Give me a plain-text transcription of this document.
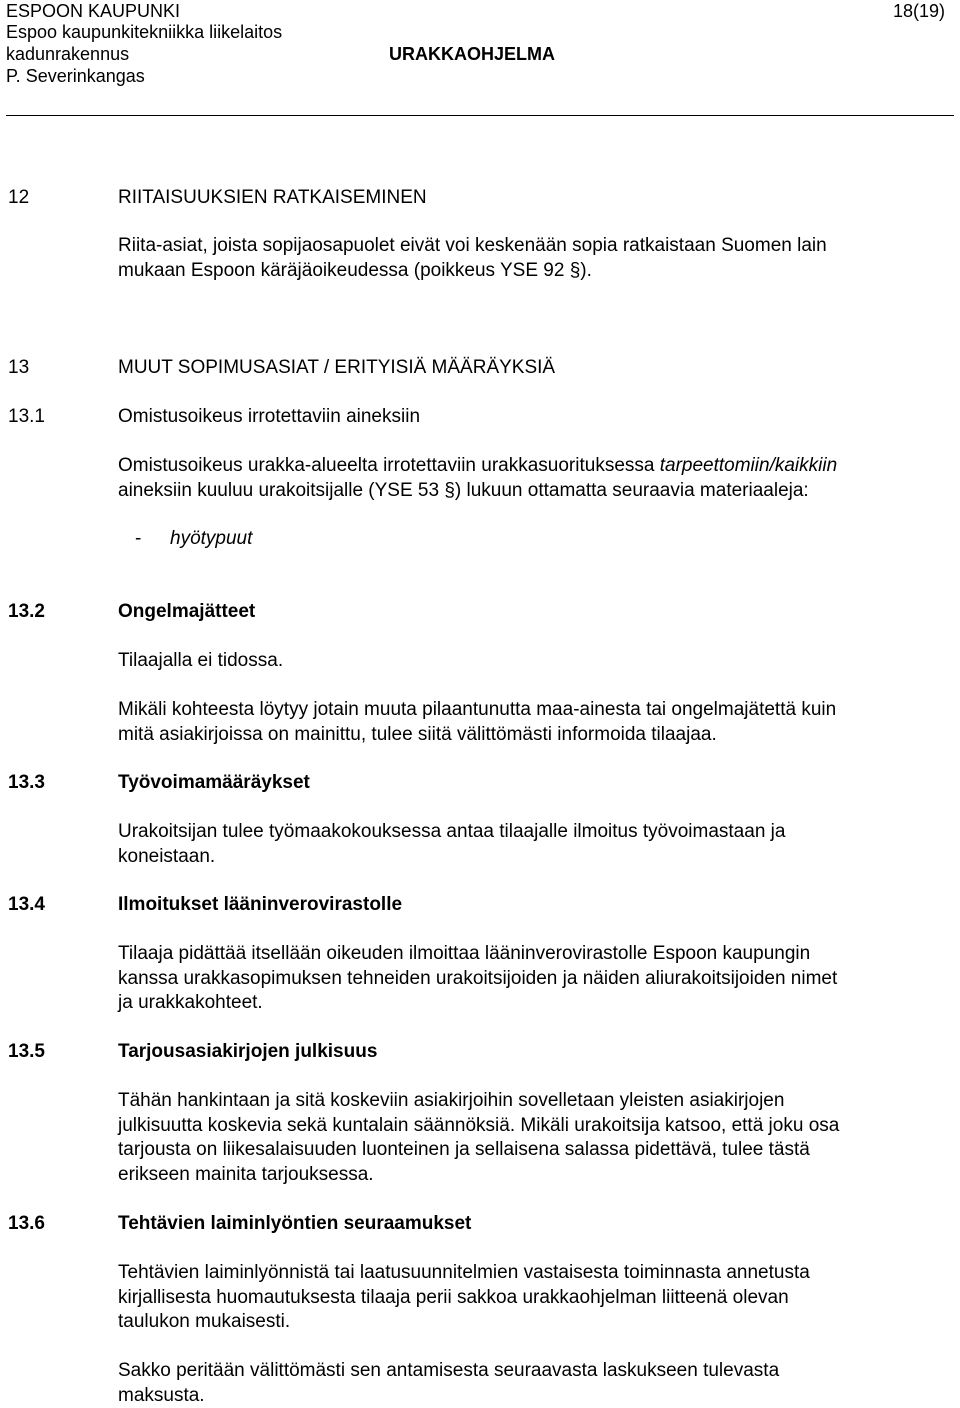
ESPOON KAUPUNKI	18(19)
Espoo kaupunkitekniikka liikelaitos
kadunrakennus	URAKKAOHJELMA
P. Severinkangas
12	RIITAISUUKSIEN RATKAISEMINEN
Riita-asiat, joista sopijaosapuolet eivät voi keskenään sopia ratkaistaan Suomen lain
mukaan Espoon käräjäoikeudessa (poikkeus YSE 92 §).
13	MUUT SOPIMUSASIAT / ERITYISIÄ MÄÄRÄYKSIÄ
13.1	Omistusoikeus irrotettaviin aineksiin
Omistusoikeus urakka-alueelta irrotettaviin urakkasuorituksessa tarpeettomiin/kaikkiin
aineksiin kuuluu urakoitsijalle (YSE 53 §) lukuun ottamatta seuraavia materiaaleja:
- hyötypuut
13.2	Ongelmajätteet
Tilaajalla ei tidossa.
Mikäli kohteesta löytyy jotain muuta pilaantunutta maa-ainesta tai ongelmajätettä kuin
mitä asiakirjoissa on mainittu, tulee siitä välittömästi informoida tilaajaa.
13.3	Työvoimamääräykset
Urakoitsijan tulee työmaakokouksessa antaa tilaajalle ilmoitus työvoimastaan ja
koneistaan.
13.4	Ilmoitukset lääninverovirastolle
Tilaaja pidättää itsellään oikeuden ilmoittaa lääninverovirastolle Espoon kaupungin
kanssa urakkasopimuksen tehneiden urakoitsijoiden ja näiden aliurakoitsijoiden nimet
ja urakkakohteet.
13.5	Tarjousasiakirjojen julkisuus
Tähän hankintaan ja sitä koskeviin asiakirjoihin sovelletaan yleisten asiakirjojen
julkisuutta koskevia sekä kuntalain säännöksiä. Mikäli urakoitsija katsoo, että joku osa
tarjousta on liikesalaisuuden luonteinen ja sellaisena salassa pidettävä, tulee tästä
erikseen mainita tarjouksessa.
13.6	Tehtävien laiminlyöntien seuraamukset
Tehtävien laiminlyönnistä tai laatusuunnitelmien vastaisesta toiminnasta annetusta
kirjallisesta huomautuksesta tilaaja perii sakkoa urakkaohjelman liitteenä olevan
taulukon mukaisesti.
Sakko peritään välittömästi sen antamisesta seuraavasta laskukseen tulevasta
maksusta.
